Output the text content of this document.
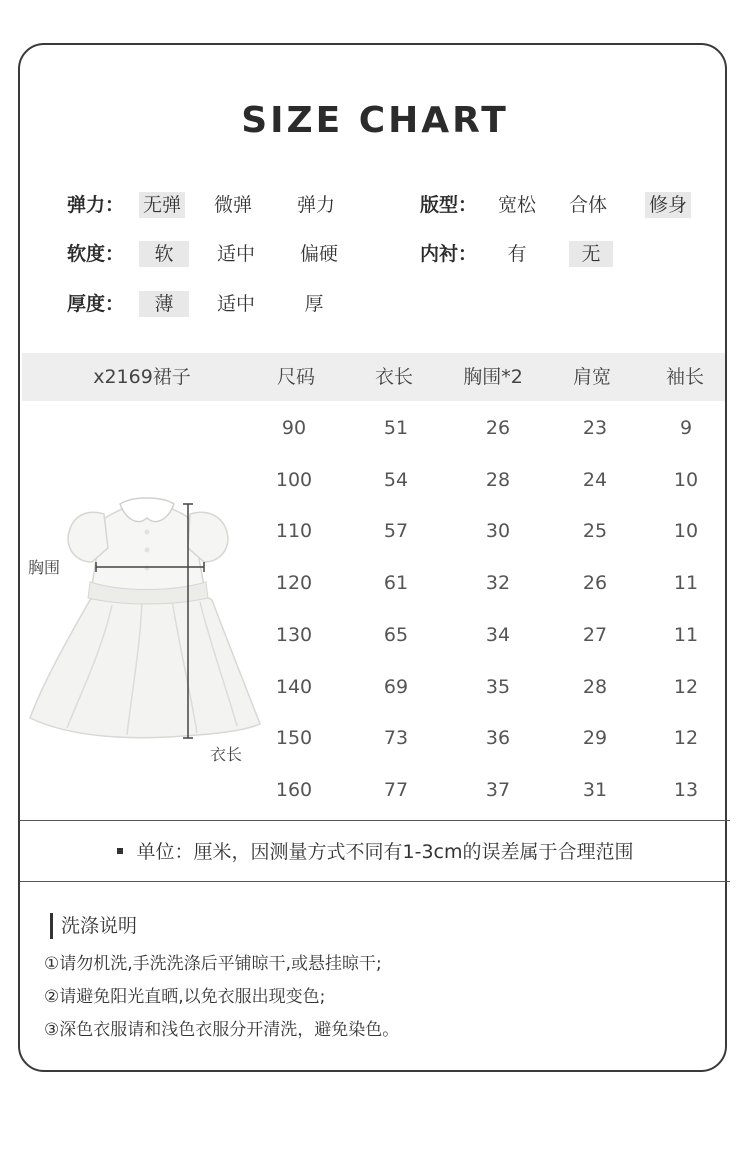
SIZE CHART
弹力： 无弹 微弹 弹力	版型： 宽松 合体 修身
软度：	软	适中 偏硬	内衬： 有	无
厚度：	薄	适中	厚
x2169裙子	尺码	衣长	胸围*2	肩宽	袖长
90	51	26	23	9
100	54	28	24	10
110	57	30	25	10
120	61	32	26	11
130	65	34	27	11
140	69	35	28	12
150	73	36	29	12
160	77	37	31	13
胸围
衣长
单位：厘米，因测量方式不同有1-3cm的误差属于合理范围
洗涤说明
①请勿机洗,手洗洗涤后平铺晾干,或悬挂晾干;
②请避免阳光直晒,以免衣服出现变色;
③深色衣服请和浅色衣服分开清洗，避免染色。
